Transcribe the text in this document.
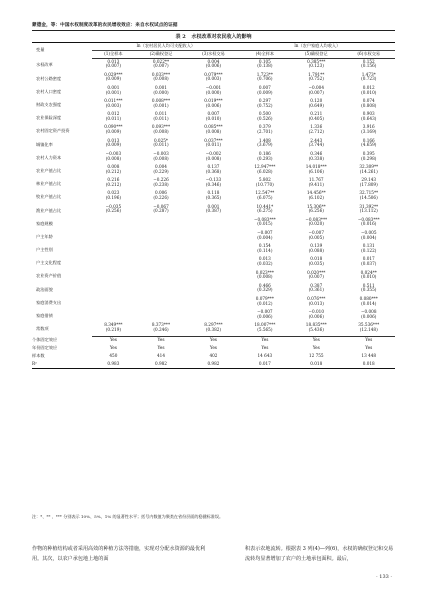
蒙德金，等：中国水权制度改革的农民增收效应：来自水权试点的证据
表 2 水权改革对农民收入的影响
变量	ln（农村居民人均可支配收入）			ln（农户家庭人均收入）		
	(1)全样本	(2)确权登记	(3)水权交易	(4)全样本	(5)确权登记	(6)水权交易
水权改革	0.013	0.022**	0.004	0.105	0.385***	0.152
	(0.007)	(0.007)	(0.006)	(0.138)	(0.123)	(0.156)
农村公路密度	0.029***	0.033***	0.079***	1.723**	1.791**	1.473*
	(0.009)	(0.008)	(0.003)	(0.706)	(0.752)	(0.723)
农村人口密度	0.001	0.001	−0.001	0.007	−0.004	0.012
	(0.001)	(0.000)	(0.000)	(0.009)	(0.007)	(0.010)
财政支农强度	0.011***	0.008***	0.019***	0.297	0.120	0.074
	(0.003)	(0.001)	(0.006)	(0.752)	(0.649)	(0.808)
农业保险深度	0.012	0.011	0.007	0.500	0.211	0.903
	(0.011)	(0.011)	(0.010)	(0.526)	(0.405)	(0.643)
农村固定资产投资	0.090***	0.093***	0.085***	0.379	1.336	3.916
	(0.009)	(0.008)	(0.008)	(2.701)	(2.712)	(3.169)
城镇化率	0.013	0.025*	0.037***	1.408	2.443	0.166
	(0.009)	(0.011)	(0.011)	(3.679)	(3.744)	(4.659)
农村人力资本	−0.003	−0.003	−0.002	0.186	0.346	0.395
	(0.008)	(0.008)	(0.008)	(0.293)	(0.338)	(0.298)
农业产值占比	0.008	0.004	0.137	12.947***	14.018***	32.309**
	(0.212)	(0.229)	(0.368)	(6.028)	(6.106)	(14.261)
林业产值占比	0.216	−0.226	−0.133	5.802	11.767	29.143
	(0.212)	(0.238)	(0.346)	(10.770)	(9.411)	(17.809)
牧业产值占比	0.023	0.006	0.118	12.547**	14.456**	32.715**
	(0.196)	(0.226)	(0.365)	(6.075)	(6.102)	(14.506)
渔业产值占比	−0.035	−0.067	0.001	10.441*	15.306**	31.392**
	(0.256)	(0.287)	(0.387)	(6.275)	(6.256)	(13.112)
家庭规模				−0.083***	−0.083***	−0.083***
				(0.015)	(0.020)	(0.016)
户主年龄				−0.007	−0.007	−0.005
				(0.004)	(0.005)	(0.004)
户主性别				0.154	0.139	0.131
				(0.114)	(0.088)	(0.122)
户主文化程度				0.013	0.018	0.017
				(0.032)	(0.035)	(0.037)
农业资产价值				0.023***	0.020***	0.024**
				(0.008)	(0.007)	(0.010)
政治面貌				0.466	0.387	0.511
				(0.329)	(0.361)	(0.355)
家庭消费支出				0.079***	0.076***	0.080***
				(0.012)	(0.013)	(0.014)
家庭借债				−0.007	−0.010	−0.008
				(0.006)	(0.006)	(0.006)
常数项	8.349***	8.373***	8.297***	18.007***	18.835***	35.536***
	(0.219)	(0.246)	(0.382)	(5.565)	(5.436)	(12.148)
个体固定效应	Yes	Yes	Yes	Yes	Yes	Yes
年份固定效应	Yes	Yes	Yes	Yes	Yes	Yes
样本数	450	414	402	14 643	12 755	13 448
R²	0.983	0.982	0.982	0.017	0.018	0.018
注：*、** 、*** 分别表示 10%、5%、1% 的显著性水平；括号内数值为聚类在省份层面的稳健标准误。
作物的种植结构或者采用高效的种植方法等措施，实现对分配水资源的最优利用。其次，以农户承包地上地的面
积表示农地流转。根据表 3 列(4)—列(6)，水权的确权登记和交易流转均显著增加了农户的土地承包面积。最后，
· 133 ·
